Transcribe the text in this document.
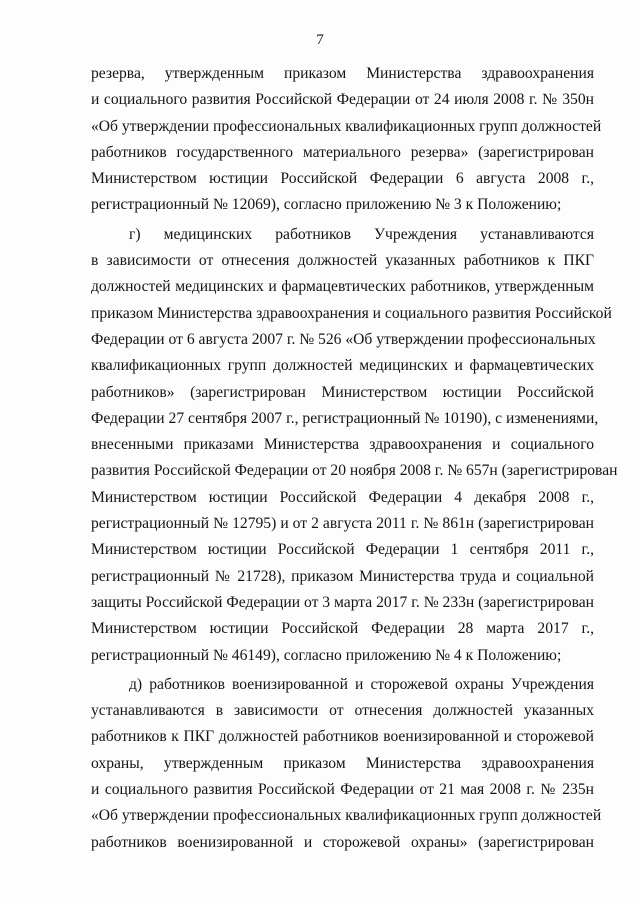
7
резерва, утвержденным приказом Министерства здравоохранения
и социального развития Российской Федерации от 24 июля 2008 г. № 350н
«Об утверждении профессиональных квалификационных групп должностей
работников государственного материального резерва» (зарегистрирован
Министерством юстиции Российской Федерации 6 августа 2008 г.,
регистрационный № 12069), согласно приложению № 3 к Положению;
г) медицинских работников Учреждения устанавливаются
в зависимости от отнесения должностей указанных работников к ПКГ
должностей медицинских и фармацевтических работников, утвержденным
приказом Министерства здравоохранения и социального развития Российской
Федерации от 6 августа 2007 г. № 526 «Об утверждении профессиональных
квалификационных групп должностей медицинских и фармацевтических
работников» (зарегистрирован Министерством юстиции Российской
Федерации 27 сентября 2007 г., регистрационный № 10190), с изменениями,
внесенными приказами Министерства здравоохранения и социального
развития Российской Федерации от 20 ноября 2008 г. № 657н (зарегистрирован
Министерством юстиции Российской Федерации 4 декабря 2008 г.,
регистрационный № 12795) и от 2 августа 2011 г. № 861н (зарегистрирован
Министерством юстиции Российской Федерации 1 сентября 2011 г.,
регистрационный № 21728), приказом Министерства труда и социальной
защиты Российской Федерации от 3 марта 2017 г. № 233н (зарегистрирован
Министерством юстиции Российской Федерации 28 марта 2017 г.,
регистрационный № 46149), согласно приложению № 4 к Положению;
д) работников военизированной и сторожевой охраны Учреждения
устанавливаются в зависимости от отнесения должностей указанных
работников к ПКГ должностей работников военизированной и сторожевой
охраны, утвержденным приказом Министерства здравоохранения
и социального развития Российской Федерации от 21 мая 2008 г. № 235н
«Об утверждении профессиональных квалификационных групп должностей
работников военизированной и сторожевой охраны» (зарегистрирован
